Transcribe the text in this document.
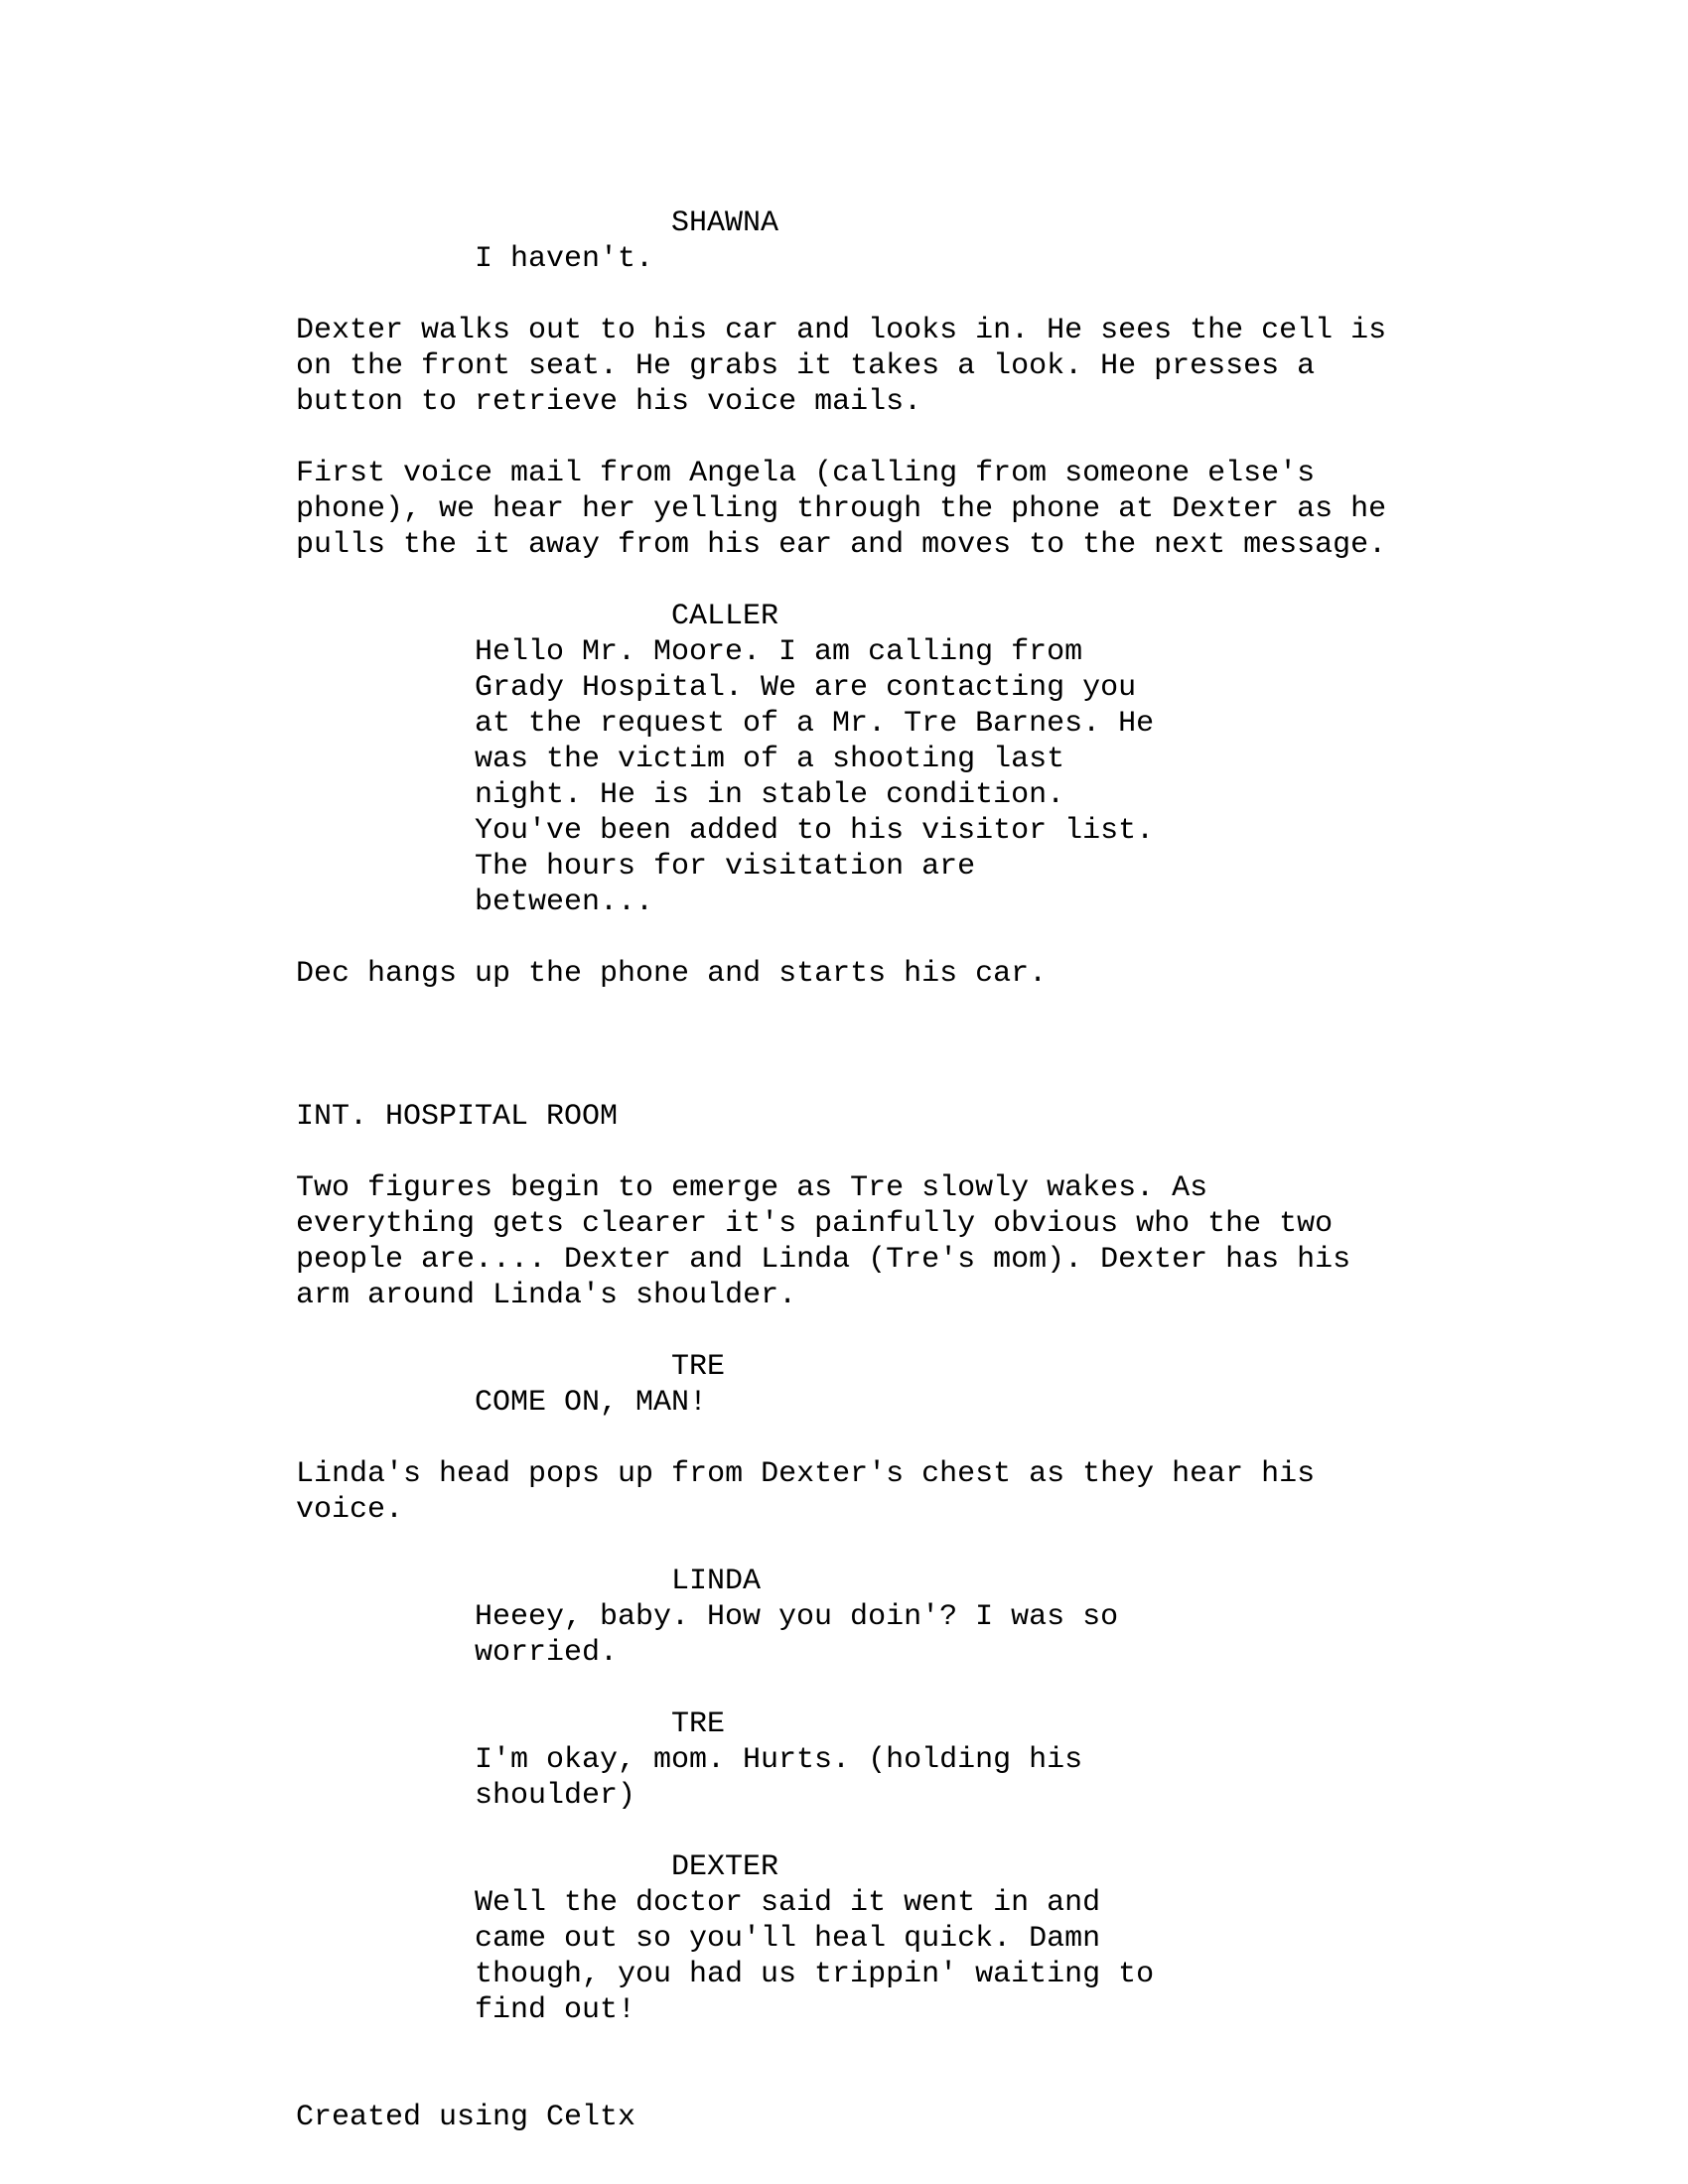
SHAWNA
I haven't.
Dexter walks out to his car and looks in. He sees the cell is
on the front seat. He grabs it takes a look. He presses a
button to retrieve his voice mails.
First voice mail from Angela (calling from someone else's
phone), we hear her yelling through the phone at Dexter as he
pulls the it away from his ear and moves to the next message.
CALLER
Hello Mr. Moore. I am calling from
Grady Hospital. We are contacting you
at the request of a Mr. Tre Barnes. He
was the victim of a shooting last
night. He is in stable condition.
You've been added to his visitor list.
The hours for visitation are
between...
Dec hangs up the phone and starts his car.
INT. HOSPITAL ROOM
Two figures begin to emerge as Tre slowly wakes. As
everything gets clearer it's painfully obvious who the two
people are.... Dexter and Linda (Tre's mom). Dexter has his
arm around Linda's shoulder.
TRE
COME ON, MAN!
Linda's head pops up from Dexter's chest as they hear his
voice.
LINDA
Heeey, baby. How you doin'? I was so
worried.
TRE
I'm okay, mom. Hurts. (holding his
shoulder)
DEXTER
Well the doctor said it went in and
came out so you'll heal quick. Damn
though, you had us trippin' waiting to
find out!
Created using Celtx
